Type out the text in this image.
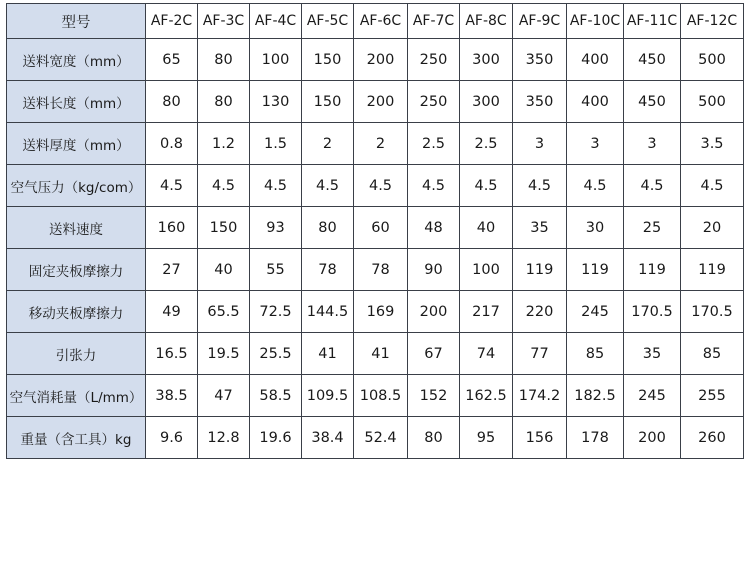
型号	AF-2C	AF-3C	AF-4C	AF-5C	AF-6C	AF-7C	AF-8C	AF-9C	AF-10C	AF-11C	AF-12C
送料宽度（mm）	65	80	100	150	200	250	300	350	400	450	500
送料长度（mm）	80	80	130	150	200	250	300	350	400	450	500
送料厚度（mm）	0.8	1.2	1.5	2	2	2.5	2.5	3	3	3	3.5
空气压力（kg/com）	4.5	4.5	4.5	4.5	4.5	4.5	4.5	4.5	4.5	4.5	4.5
送料速度	160	150	93	80	60	48	40	35	30	25	20
固定夹板摩擦力	27	40	55	78	78	90	100	119	119	119	119
移动夹板摩擦力	49	65.5	72.5	144.5	169	200	217	220	245	170.5	170.5
引张力	16.5	19.5	25.5	41	41	67	74	77	85	35	85
空气消耗量（L/mm）	38.5	47	58.5	109.5	108.5	152	162.5	174.2	182.5	245	255
重量（含工具）kg	9.6	12.8	19.6	38.4	52.4	80	95	156	178	200	260
